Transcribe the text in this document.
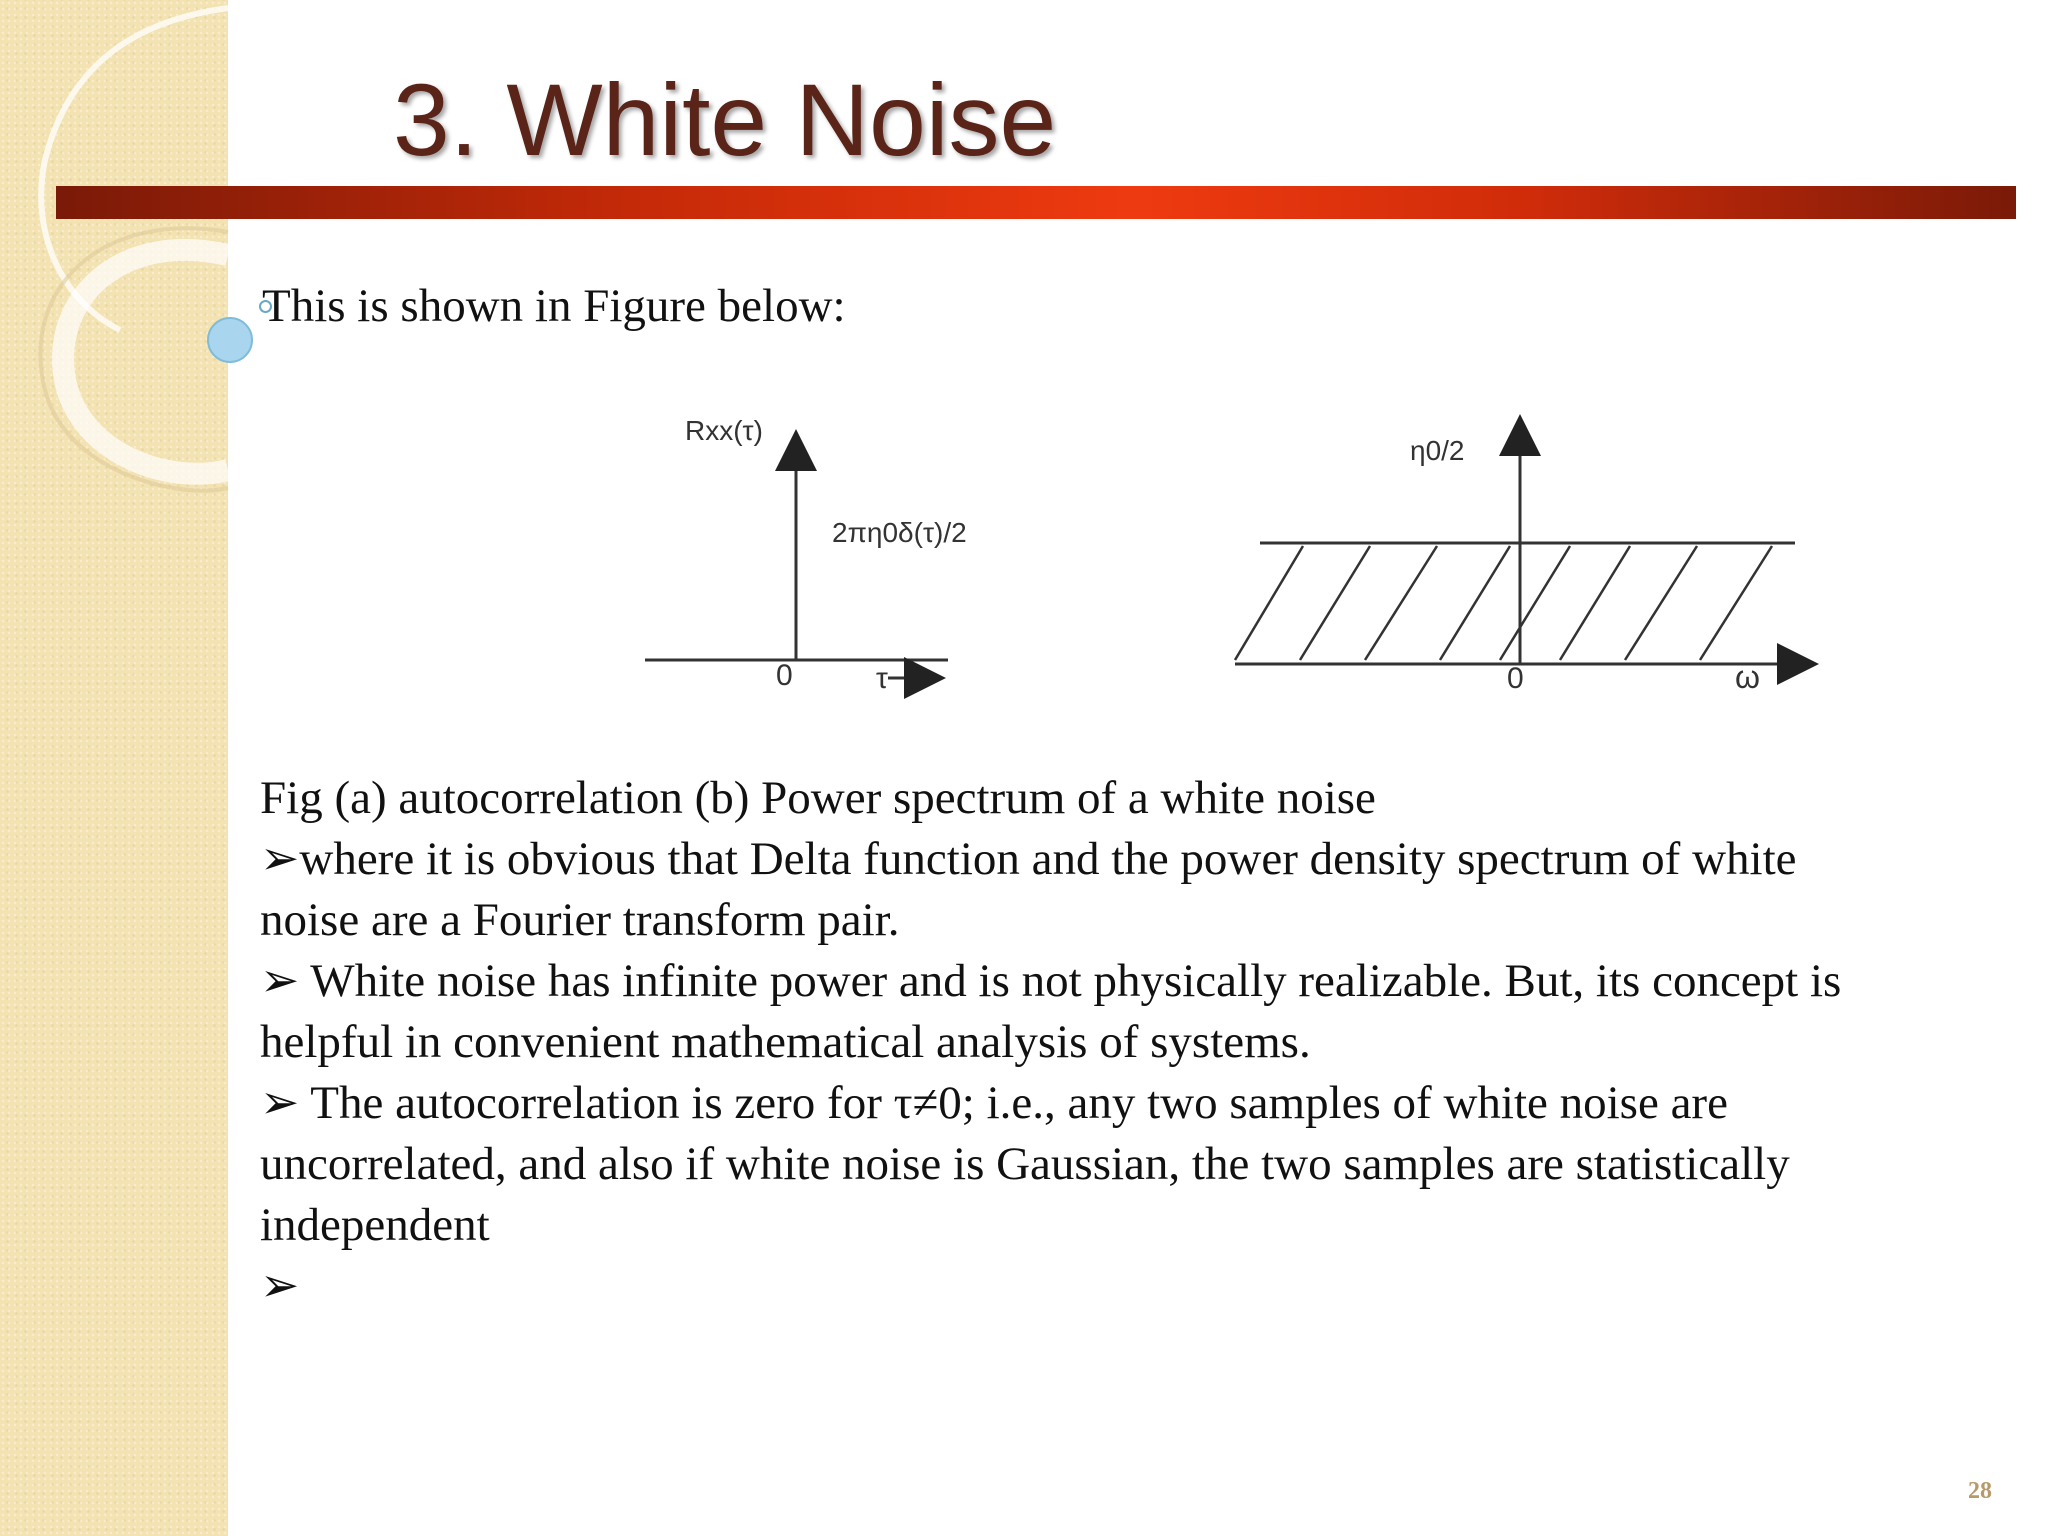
3. White Noise

This is shown in Figure below:

Rxx(τ)
2πη0δ(τ)/2
0	τ
η0/2
0	ω

Fig (a) autocorrelation (b) Power spectrum of a white noise

➢where it is obvious that Delta function and the power density spectrum of white

noise are a Fourier transform pair.

➢ White noise has infinite power and is not physically realizable. But, its concept is

helpful in convenient mathematical analysis of systems.

➢ The autocorrelation is zero for τ≠0; i.e., any two samples of white noise are

uncorrelated, and also if white noise is Gaussian, the two samples are statistically

independent

➢

28
